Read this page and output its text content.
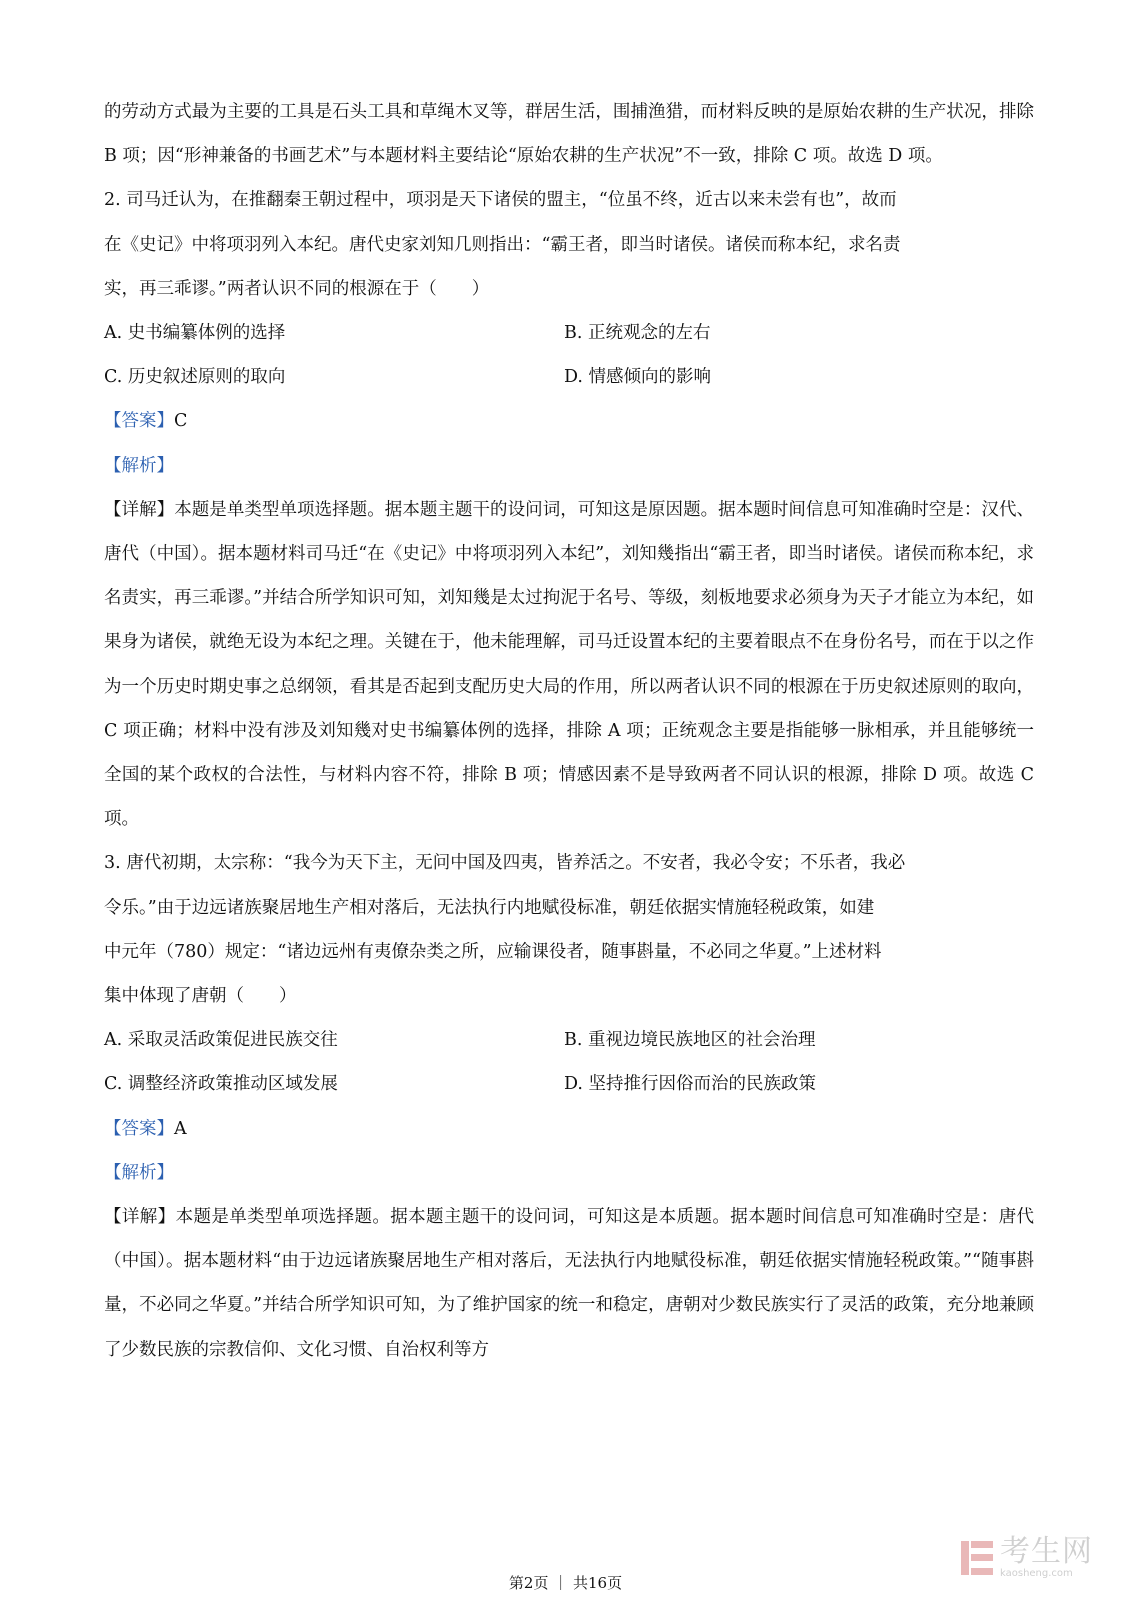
的劳动方式最为主要的工具是石头工具和草绳木叉等，群居生活，围捕渔猎，而材料反映的是原始农耕的生产状况，排除 B 项；因“形神兼备的书画艺术”与本题材料主要结论“原始农耕的生产状况”不一致，排除 C 项。故选 D 项。

2. 司马迁认为，在推翻秦王朝过程中，项羽是天下诸侯的盟主，“位虽不终，近古以来未尝有也”，故而

在《史记》中将项羽列入本纪。唐代史家刘知几则指出：“霸王者，即当时诸侯。诸侯而称本纪，求名责

实，再三乖谬。”两者认识不同的根源在于（　　）

A. 史书编纂体例的选择	B. 正统观念的左右
C. 历史叙述原则的取向	D. 情感倾向的影响

【答案】C

【解析】

【详解】本题是单类型单项选择题。据本题主题干的设问词，可知这是原因题。据本题时间信息可知准确时空是：汉代、唐代（中国）。据本题材料司马迁“在《史记》中将项羽列入本纪”，刘知幾指出“霸王者，即当时诸侯。诸侯而称本纪，求名责实，再三乖谬。”并结合所学知识可知，刘知幾是太过拘泥于名号、等级，刻板地要求必须身为天子才能立为本纪，如果身为诸侯，就绝无设为本纪之理。关键在于，他未能理解，司马迁设置本纪的主要着眼点不在身份名号，而在于以之作为一个历史时期史事之总纲领，看其是否起到支配历史大局的作用，所以两者认识不同的根源在于历史叙述原则的取向，C 项正确；材料中没有涉及刘知幾对史书编纂体例的选择，排除 A 项；正统观念主要是指能够一脉相承，并且能够统一全国的某个政权的合法性，与材料内容不符，排除 B 项；情感因素不是导致两者不同认识的根源，排除 D 项。故选 C 项。

3. 唐代初期，太宗称：“我今为天下主，无问中国及四夷，皆养活之。不安者，我必令安；不乐者，我必

令乐。”由于边远诸族聚居地生产相对落后，无法执行内地赋役标准，朝廷依据实情施轻税政策，如建

中元年（780）规定：“诸边远州有夷僚杂类之所，应输课役者，随事斟量，不必同之华夏。”上述材料

集中体现了唐朝（　　）

A. 采取灵活政策促进民族交往	B. 重视边境民族地区的社会治理
C. 调整经济政策推动区域发展	D. 坚持推行因俗而治的民族政策

【答案】A

【解析】

【详解】本题是单类型单项选择题。据本题主题干的设问词，可知这是本质题。据本题时间信息可知准确时空是：唐代（中国）。据本题材料“由于边远诸族聚居地生产相对落后，无法执行内地赋役标准，朝廷依据实情施轻税政策。”“随事斟量，不必同之华夏。”并结合所学知识可知，为了维护国家的统一和稳定，唐朝对少数民族实行了灵活的政策，充分地兼顾了少数民族的宗教信仰、文化习惯、自治权利等方

第2页 ｜ 共16页
考生网
kaosheng.com
